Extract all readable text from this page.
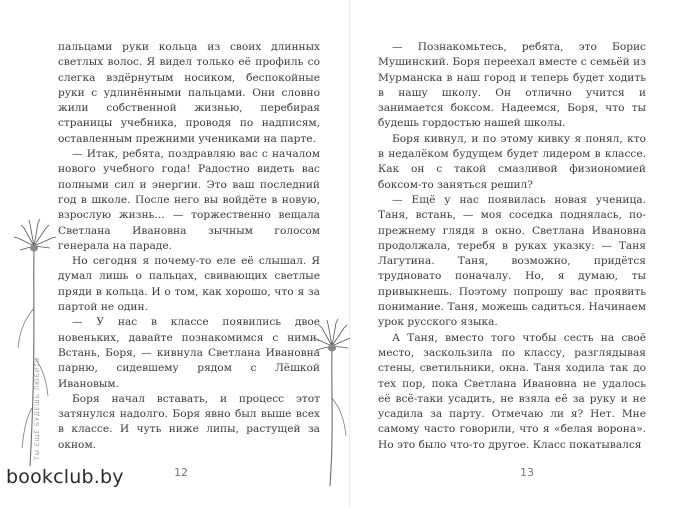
пальцами руки кольца из своих длинных светлых волос. Я видел только её профиль со слегка вздёрнутым носиком, беспокойные руки с удлинёнными пальцами. Они словно жили собственной жизнью, перебирая страницы учебника, проводя по надписям, оставленным прежними учениками на парте.

— Итак, ребята, поздравляю вас с началом нового учебного года! Радостно видеть вас полными сил и энергии. Это ваш последний год в школе. После него вы войдёте в новую, взрослую жизнь… — торжественно вещала Светлана Ивановна зычным голосом генерала на параде.

Но сегодня я почему-то еле её слышал. Я думал лишь о пальцах, свивающих светлые пряди в кольца. И о том, как хорошо, что я за партой не один.

— У нас в классе появились двое новеньких, давайте познакомимся с ними. Встань, Боря, — кивнула Светлана Ивановна парню, сидевшему рядом с Лёшкой Ивановым.

Боря начал вставать, и процесс этот затянулся надолго. Боря явно был выше всех в классе. И чуть ниже липы, растущей за окном.

12
ТЫ ЕЩЁ БУДЕШЬ ЛЮБИТЬ

— Познакомьтесь, ребята, это Борис Мушинский. Боря переехал вместе с семьёй из Мурманска в наш город и теперь будет ходить в нашу школу. Он отлично учится и занимается боксом. Надеемся, Боря, что ты будешь гордостью нашей школы.

Боря кивнул, и по этому кивку я понял, кто в недалёком будущем будет лидером в классе. Как он с такой смазливой физиономией боксом-то заняться решил?

— Ещё у нас появилась новая ученица. Таня, встань, — моя соседка поднялась, по-прежнему глядя в окно. Светлана Ивановна продолжала, теребя в руках указку: — Таня Лагутина. Таня, возможно, придётся трудновато поначалу. Но, я думаю, ты привыкнешь. Поэтому попрошу вас проявить понимание. Таня, можешь садиться. Начинаем урок русского языка.

А Таня, вместо того чтобы сесть на своё место, заскользила по классу, разглядывая стены, светильники, окна. Таня ходила так до тех пор, пока Светлана Ивановна не удалось её всё-таки усадить, не взяла её за руку и не усадила за парту. Отмечаю ли я? Нет. Мне самому часто говорили, что я «белая ворона». Но это было что-то другое. Класс покатывался

13
bookclub.by
